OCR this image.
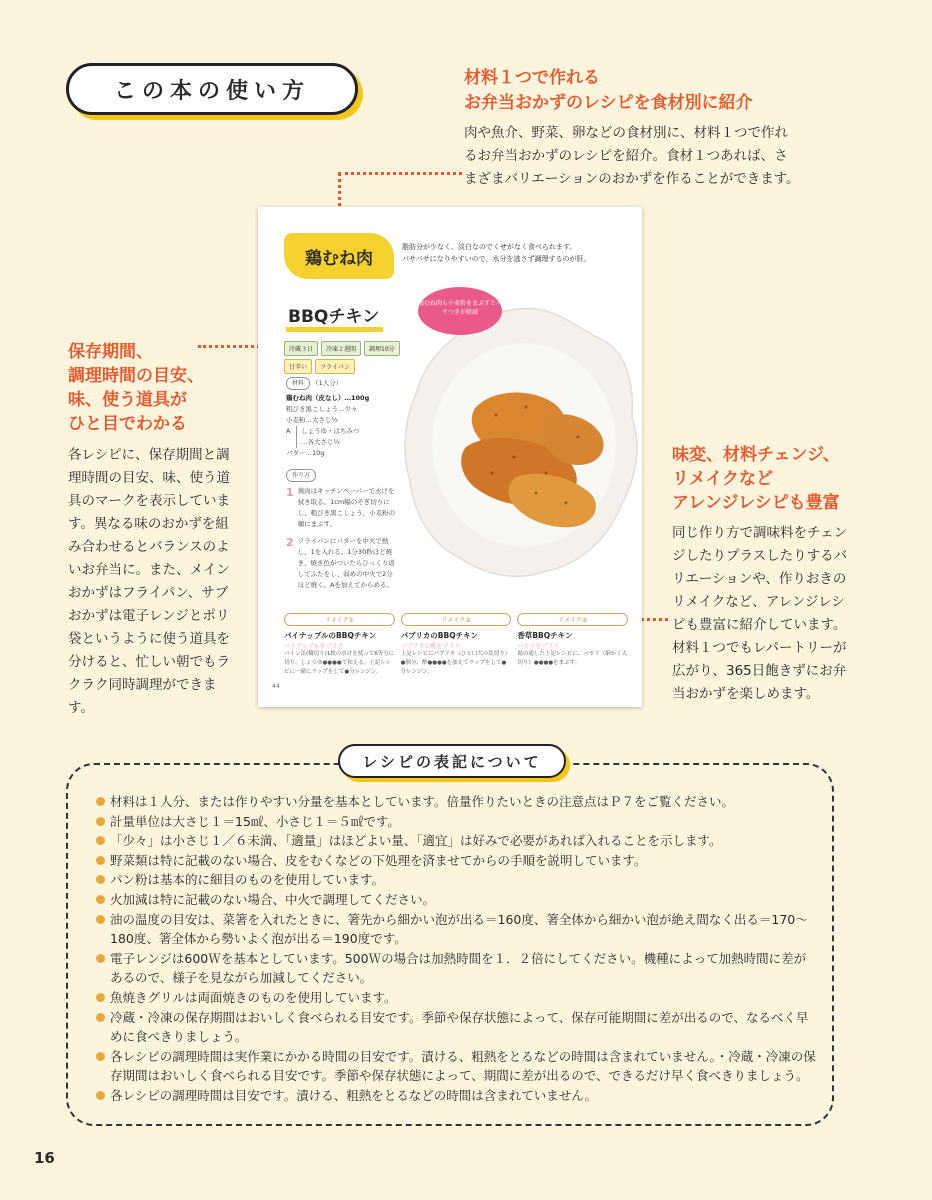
この本の使い方
材料１つで作れる
お弁当おかずのレシピを食材別に紹介
肉や魚介、野菜、卵などの食材別に、材料１つで作れるお弁当おかずのレシピを紹介。食材１つあれば、さまざまバリエーションのおかずを作ることができます。
保存期間、
調理時間の目安、
味、使う道具が
ひと目でわかる
各レシピに、保存期間と調理時間の目安、味、使う道具のマークを表示しています。異なる味のおかずを組み合わせるとバランスのよいお弁当に。また、メインおかずはフライパン、サブおかずは電子レンジとポリ袋というように使う道具を分けると、忙しい朝でもラクラク同時調理ができます。
味変、材料チェンジ、
リメイクなど
アレンジレシピも豊富
同じ作り方で調味料をチェンジしたりプラスしたりするバリエーションや、作りおきのリメイクなど、アレンジレシピも豊富に紹介しています。材料１つでもレパートリーが広がり、365日飽きずにお弁当おかずを楽しめます。
鶏むね肉
脂肪分が少なく、淡白なのでくせがなく食べられます。
パサパサになりやすいので、水分を逃さず調理するのが肝。
BBQチキン
冷蔵３日	冷凍２週間	調理10分
甘辛い	フライパン
材料 （1人分）
鶏むね肉（皮なし）…100g
粗びき黒こしょう…少々
小麦粉…大さじ½
A	しょうゆ・はちみつ
…各大さじ½
バター…10g
作り方
1 鶏肉はキッチンペーパーで水けを拭き取る。1cm幅のそぎ切りにし、粗びき黒こしょう、小麦粉の順にまぶす。
2 フライパンにバターを中火で熱し、1を入れる。1分30秒ほど焼き、焼き色がついたらひっくり返してふたをし、弱めの中火で2分ほど焼く。Aを加えてからめる。
鶏むね肉も小麦粉をまぶすとパサつきが軽減
リメイク①
パイナップルのBBQチキン
パイナップルをプラス
パイン缶(輪切り)1枚の水けを拭って6等分に切り、しょうゆ●●●●で和える。上記レシピに一緒にラップをして●分レンジン。
リメイク②
パプリカのBBQチキン
パプリカと酢をプラス
上記レシピにパプリカ（ひと口大の乱切り）●個分、酢●●●●を加えてラップをして●分レンジン。
リメイク③
香草BBQチキン
パセリをプラス
湯の通した上記レシピに、パセリ（細かく入切り）●●●●をまぶす。
44
レシピの表記について
材料は１人分、または作りやすい分量を基本としています。倍量作りたいときの注意点はＰ７をご覧ください。
計量単位は大さじ１＝15㎖、小さじ１＝５㎖です。
「少々」は小さじ１／６未満、「適量」はほどよい量、「適宜」は好みで必要があれば入れることを示します。
野菜類は特に記載のない場合、皮をむくなどの下処理を済ませてからの手順を説明しています。
パン粉は基本的に細目のものを使用しています。
火加減は特に記載のない場合、中火で調理してください。
油の温度の目安は、菜箸を入れたときに、箸先から細かい泡が出る＝160度、箸全体から細かい泡が絶え間なく出る＝170〜180度、箸全体から勢いよく泡が出る＝190度です。
電子レンジは600Ｗを基本としています。500Ｗの場合は加熱時間を１．２倍にしてください。機種によって加熱時間に差があるので、様子を見ながら加減してください。
魚焼きグリルは両面焼きのものを使用しています。
冷蔵・冷凍の保存期間はおいしく食べられる目安です。季節や保存状態によって、保存可能期間に差が出るので、なるべく早めに食べきりましょう。
各レシピの調理時間は実作業にかかる時間の目安です。漬ける、粗熱をとるなどの時間は含まれていません。・冷蔵・冷凍の保存期間はおいしく食べられる目安です。季節や保存状態によって、期間に差が出るので、できるだけ早く食べきりましょう。
各レシピの調理時間は目安です。漬ける、粗熱をとるなどの時間は含まれていません。
16
